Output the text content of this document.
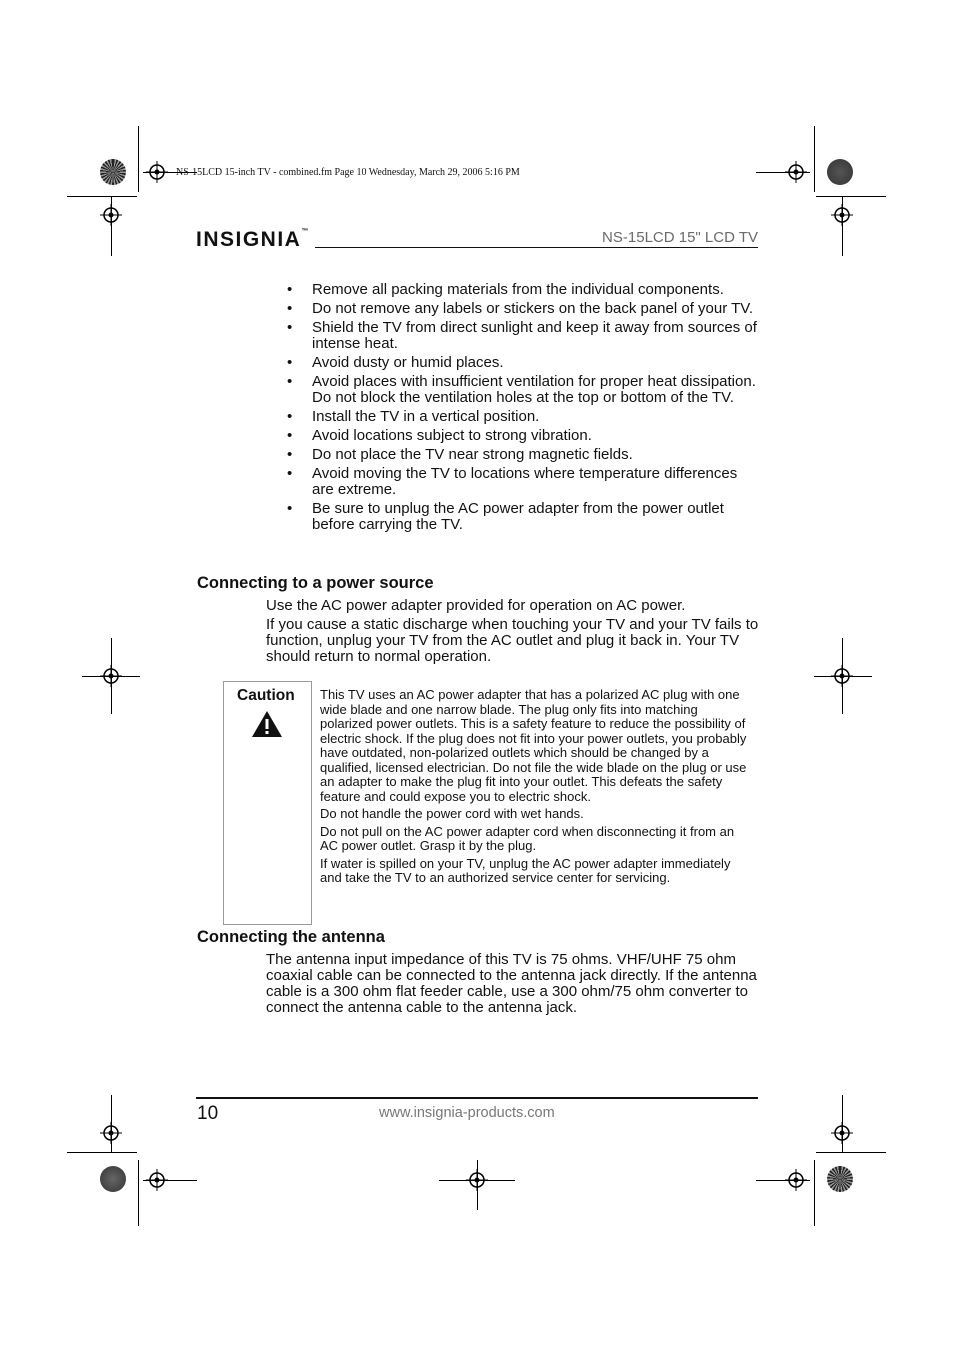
NS-15LCD 15-inch TV - combined.fm Page 10 Wednesday, March 29, 2006 5:16 PM
INSIGNIA™	NS-15LCD 15" LCD TV
• Remove all packing materials from the individual components.
• Do not remove any labels or stickers on the back panel of your TV.
• Shield the TV from direct sunlight and keep it away from sources of intense heat.
• Avoid dusty or humid places.
• Avoid places with insufficient ventilation for proper heat dissipation. Do not block the ventilation holes at the top or bottom of the TV.
• Install the TV in a vertical position.
• Avoid locations subject to strong vibration.
• Do not place the TV near strong magnetic fields.
• Avoid moving the TV to locations where temperature differences are extreme.
• Be sure to unplug the AC power adapter from the power outlet before carrying the TV.
Connecting to a power source

Use the AC power adapter provided for operation on AC power.

If you cause a static discharge when touching your TV and your TV fails to function, unplug your TV from the AC outlet and plug it back in. Your TV should return to normal operation.

Caution This TV uses an AC power adapter that has a polarized AC plug with one wide blade and one narrow blade. The plug only fits into matching polarized power outlets. This is a safety feature to reduce the possibility of electric shock. If the plug does not fit into your power outlets, you probably have outdated, non-polarized outlets which should be changed by a qualified, licensed electrician. Do not file the wide blade on the plug or use an adapter to make the plug fit into your outlet. This defeats the safety feature and could expose you to electric shock.

Do not handle the power cord with wet hands.

Do not pull on the AC power adapter cord when disconnecting it from an AC power outlet. Grasp it by the plug.

If water is spilled on your TV, unplug the AC power adapter immediately and take the TV to an authorized service center for servicing.

Connecting the antenna

The antenna input impedance of this TV is 75 ohms. VHF/UHF 75 ohm coaxial cable can be connected to the antenna jack directly. If the antenna cable is a 300 ohm flat feeder cable, use a 300 ohm/75 ohm converter to connect the antenna cable to the antenna jack.

10	www.insignia-products.com
